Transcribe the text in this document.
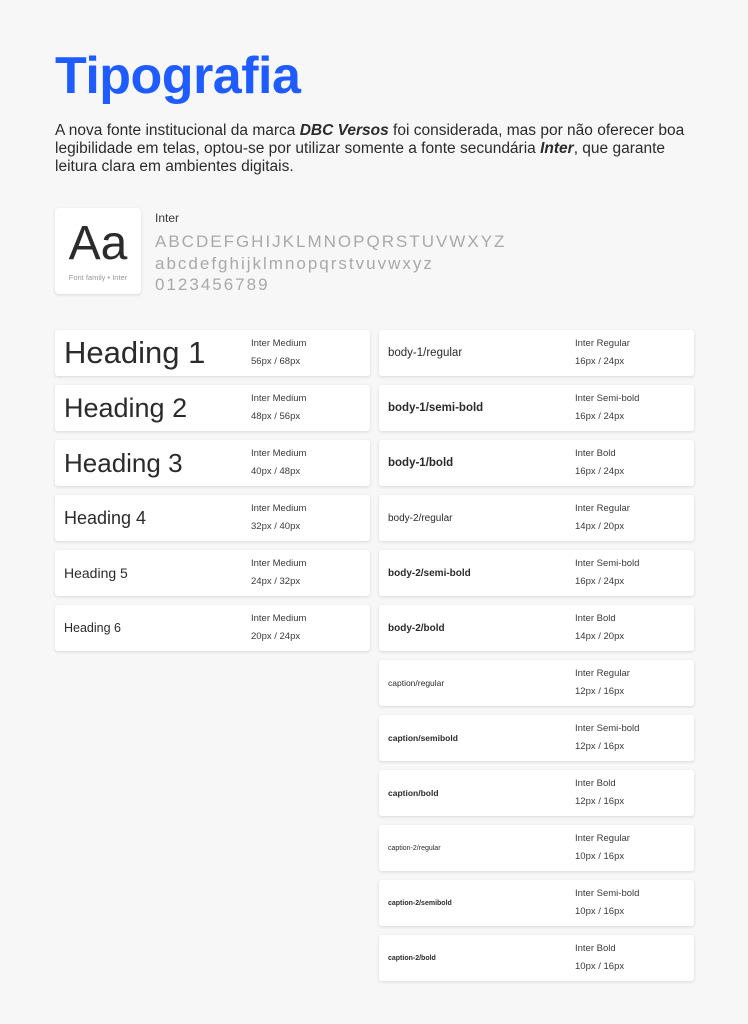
Tipografia

A nova fonte institucional da marca DBC Versos foi considerada, mas por não oferecer boa legibilidade em telas, optou-se por utilizar somente a fonte secundária Inter, que garante leitura clara em ambientes digitais.

Aa
Font family • Inter
Inter
ABCDEFGHIJKLMNOPQRSTUVWXYZ
abcdefghijklmnopqrstvuvwxyz
0123456789
Heading 1	Inter Medium
56px / 68px
Heading 2	Inter Medium
48px / 56px
Heading 3	Inter Medium
40px / 48px
Heading 4	Inter Medium
32px / 40px
Heading 5
Inter Medium
24px / 32px
Heading 6
Inter Medium
20px / 24px
body-1/regular
Inter Regular
16px / 24px
body-1/semi-bold
Inter Semi-bold
16px / 24px
body-1/bold
Inter Bold
16px / 24px
body-2/regular
Inter Regular
14px / 20px
body-2/semi-bold
Inter Semi-bold
16px / 24px
body-2/bold
Inter Bold
14px / 20px
caption/regular
Inter Regular
12px / 16px
caption/semibold
Inter Semi-bold
12px / 16px
caption/bold
Inter Bold
12px / 16px
caption-2/regular
Inter Regular
10px / 16px
caption-2/semibold
Inter Semi-bold
10px / 16px
caption-2/bold
Inter Bold
10px / 16px
